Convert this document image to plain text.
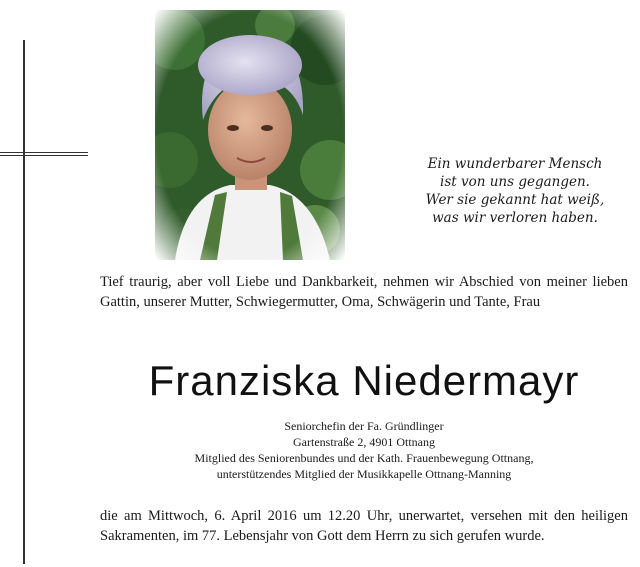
Ein wunderbarer Mensch
ist von uns gegangen.
Wer sie gekannt hat weiß,
was wir verloren haben.
Tief traurig, aber voll Liebe und Dankbarkeit, nehmen wir Abschied von meiner lieben Gattin, unserer Mutter, Schwiegermutter, Oma, Schwägerin und Tante, Frau
Franziska Niedermayr
Seniorchefin der Fa. Gründlinger
Gartenstraße 2, 4901 Ottnang
Mitglied des Seniorenbundes und der Kath. Frauenbewegung Ottnang,
unterstützendes Mitglied der Musikkapelle Ottnang-Manning
die am Mittwoch, 6. April 2016 um 12.20 Uhr, unerwartet, versehen mit den heiligen Sakramenten, im 77. Lebensjahr von Gott dem Herrn zu sich gerufen wurde.
